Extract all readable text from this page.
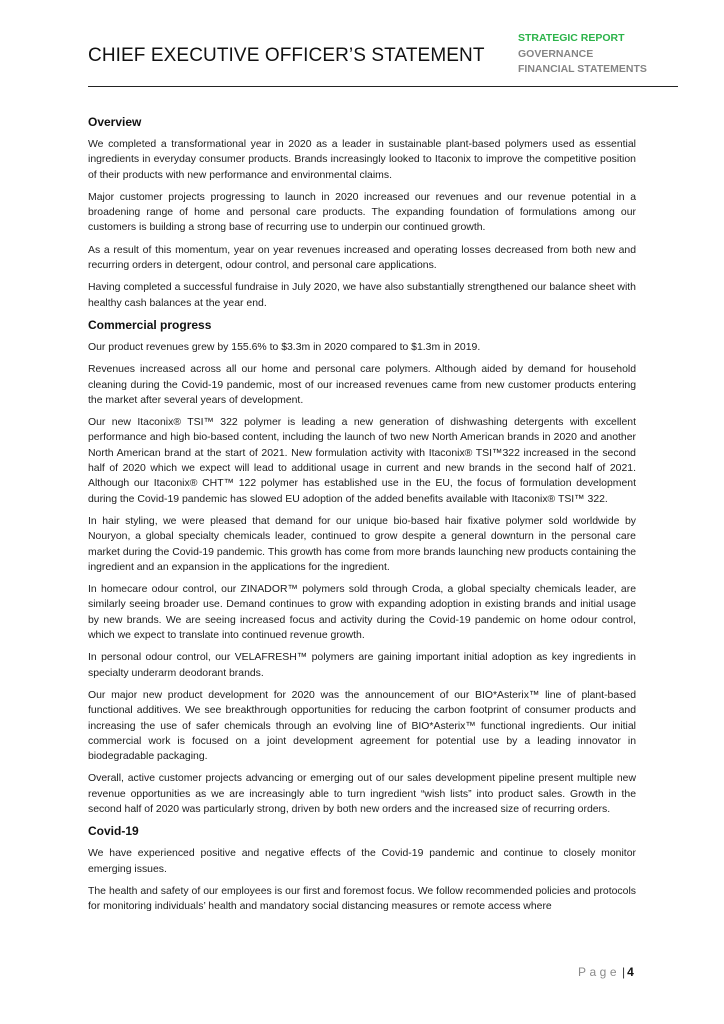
CHIEF EXECUTIVE OFFICER’S STATEMENT
STRATEGIC REPORT
GOVERNANCE
FINANCIAL STATEMENTS
Overview

We completed a transformational year in 2020 as a leader in sustainable plant-based polymers used as essential ingredients in everyday consumer products. Brands increasingly looked to Itaconix to improve the competitive position of their products with new performance and environmental claims.

Major customer projects progressing to launch in 2020 increased our revenues and our revenue potential in a broadening range of home and personal care products. The expanding foundation of formulations among our customers is building a strong base of recurring use to underpin our continued growth.

As a result of this momentum, year on year revenues increased and operating losses decreased from both new and recurring orders in detergent, odour control, and personal care applications.

Having completed a successful fundraise in July 2020, we have also substantially strengthened our balance sheet with healthy cash balances at the year end.

Commercial progress

Our product revenues grew by 155.6% to $3.3m in 2020 compared to $1.3m in 2019.

Revenues increased across all our home and personal care polymers. Although aided by demand for household cleaning during the Covid-19 pandemic, most of our increased revenues came from new customer products entering the market after several years of development.

Our new Itaconix® TSI™ 322 polymer is leading a new generation of dishwashing detergents with excellent performance and high bio-based content, including the launch of two new North American brands in 2020 and another North American brand at the start of 2021. New formulation activity with Itaconix® TSI™322 increased in the second half of 2020 which we expect will lead to additional usage in current and new brands in the second half of 2021. Although our Itaconix® CHT™ 122 polymer has established use in the EU, the focus of formulation development during the Covid-19 pandemic has slowed EU adoption of the added benefits available with Itaconix® TSI™ 322.

In hair styling, we were pleased that demand for our unique bio-based hair fixative polymer sold worldwide by Nouryon, a global specialty chemicals leader, continued to grow despite a general downturn in the personal care market during the Covid-19 pandemic. This growth has come from more brands launching new products containing the ingredient and an expansion in the applications for the ingredient.

In homecare odour control, our ZINADOR™ polymers sold through Croda, a global specialty chemicals leader, are similarly seeing broader use. Demand continues to grow with expanding adoption in existing brands and initial usage by new brands. We are seeing increased focus and activity during the Covid-19 pandemic on home odour control, which we expect to translate into continued revenue growth.

In personal odour control, our VELAFRESH™ polymers are gaining important initial adoption as key ingredients in specialty underarm deodorant brands.

Our major new product development for 2020 was the announcement of our BIO*Asterix™ line of plant-based functional additives. We see breakthrough opportunities for reducing the carbon footprint of consumer products and increasing the use of safer chemicals through an evolving line of BIO*Asterix™ functional ingredients. Our initial commercial work is focused on a joint development agreement for potential use by a leading innovator in biodegradable packaging.

Overall, active customer projects advancing or emerging out of our sales development pipeline present multiple new revenue opportunities as we are increasingly able to turn ingredient “wish lists” into product sales. Growth in the second half of 2020 was particularly strong, driven by both new orders and the increased size of recurring orders.

Covid-19

We have experienced positive and negative effects of the Covid-19 pandemic and continue to closely monitor emerging issues.

The health and safety of our employees is our first and foremost focus. We follow recommended policies and protocols for monitoring individuals’ health and mandatory social distancing measures or remote access where

Page | 4
